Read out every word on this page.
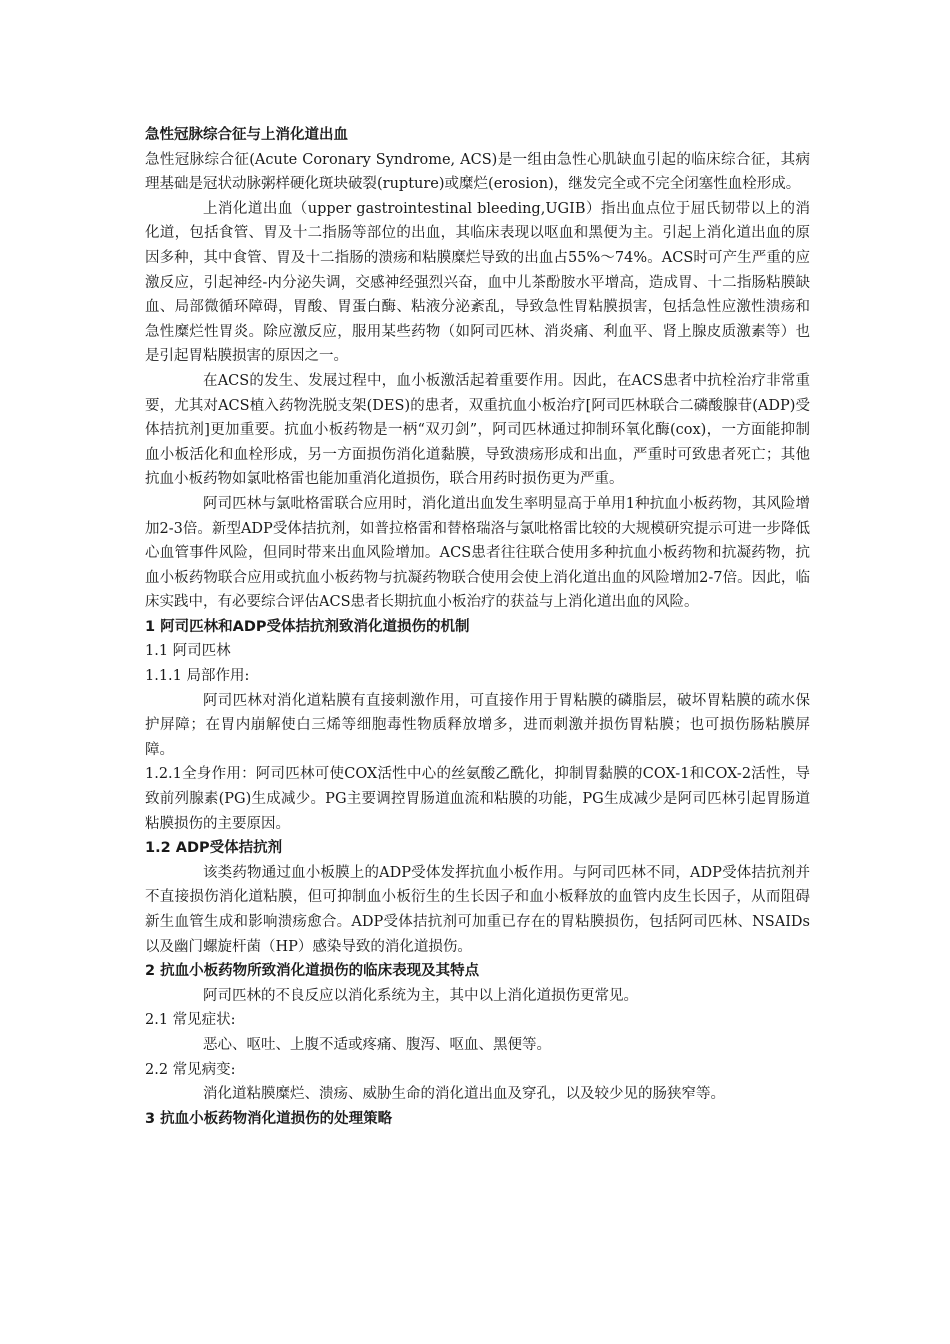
急性冠脉综合征与上消化道出血

急性冠脉综合征(Acute Coronary Syndrome, ACS)是一组由急性心肌缺血引起的临床综合征，其病理基础是冠状动脉粥样硬化斑块破裂(rupture)或糜烂(erosion)，继发完全或不完全闭塞性血栓形成。

上消化道出血（upper gastrointestinal bleeding,UGIB）指出血点位于屈氏韧带以上的消化道，包括食管、胃及十二指肠等部位的出血，其临床表现以呕血和黑便为主。引起上消化道出血的原因多种，其中食管、胃及十二指肠的溃疡和粘膜糜烂导致的出血占55%～74%。ACS时可产生严重的应激反应，引起神经-内分泌失调，交感神经强烈兴奋，血中儿茶酚胺水平增高，造成胃、十二指肠粘膜缺血、局部微循环障碍，胃酸、胃蛋白酶、粘液分泌紊乱，导致急性胃粘膜损害，包括急性应激性溃疡和急性糜烂性胃炎。除应激反应，服用某些药物（如阿司匹林、消炎痛、利血平、肾上腺皮质激素等）也是引起胃粘膜损害的原因之一。

在ACS的发生、发展过程中，血小板激活起着重要作用。因此，在ACS患者中抗栓治疗非常重要，尤其对ACS植入药物洗脱支架(DES)的患者，双重抗血小板治疗[阿司匹林联合二磷酸腺苷(ADP)受体拮抗剂]更加重要。抗血小板药物是一柄“双刃剑”，阿司匹林通过抑制环氧化酶(cox)，一方面能抑制血小板活化和血栓形成，另一方面损伤消化道黏膜，导致溃疡形成和出血，严重时可致患者死亡；其他抗血小板药物如氯吡格雷也能加重消化道损伤，联合用药时损伤更为严重。

阿司匹林与氯吡格雷联合应用时，消化道出血发生率明显高于单用1种抗血小板药物，其风险增加2-3倍。新型ADP受体拮抗剂，如普拉格雷和替格瑞洛与氯吡格雷比较的大规模研究提示可进一步降低心血管事件风险，但同时带来出血风险增加。ACS患者往往联合使用多种抗血小板药物和抗凝药物，抗血小板药物联合应用或抗血小板药物与抗凝药物联合使用会使上消化道出血的风险增加2-7倍。因此，临床实践中，有必要综合评估ACS患者长期抗血小板治疗的获益与上消化道出血的风险。

1 阿司匹林和ADP受体拮抗剂致消化道损伤的机制

1.1 阿司匹林

1.1.1 局部作用:

阿司匹林对消化道粘膜有直接刺激作用，可直接作用于胃粘膜的磷脂层，破坏胃粘膜的疏水保护屏障；在胃内崩解使白三烯等细胞毒性物质释放增多，进而刺激并损伤胃粘膜；也可损伤肠粘膜屏障。

1.2.1全身作用：阿司匹林可使COX活性中心的丝氨酸乙酰化，抑制胃黏膜的COX-1和COX-2活性，导致前列腺素(PG)生成减少。PG主要调控胃肠道血流和粘膜的功能，PG生成减少是阿司匹林引起胃肠道粘膜损伤的主要原因。

1.2 ADP受体拮抗剂

该类药物通过血小板膜上的ADP受体发挥抗血小板作用。与阿司匹林不同，ADP受体拮抗剂并不直接损伤消化道粘膜，但可抑制血小板衍生的生长因子和血小板释放的血管内皮生长因子，从而阻碍新生血管生成和影响溃疡愈合。ADP受体拮抗剂可加重已存在的胃粘膜损伤，包括阿司匹林、NSAIDs以及幽门螺旋杆菌（HP）感染导致的消化道损伤。

2 抗血小板药物所致消化道损伤的临床表现及其特点

阿司匹林的不良反应以消化系统为主，其中以上消化道损伤更常见。

2.1 常见症状:

恶心、呕吐、上腹不适或疼痛、腹泻、呕血、黑便等。

2.2 常见病变:

消化道粘膜糜烂、溃疡、威胁生命的消化道出血及穿孔，以及较少见的肠狭窄等。

3 抗血小板药物消化道损伤的处理策略
